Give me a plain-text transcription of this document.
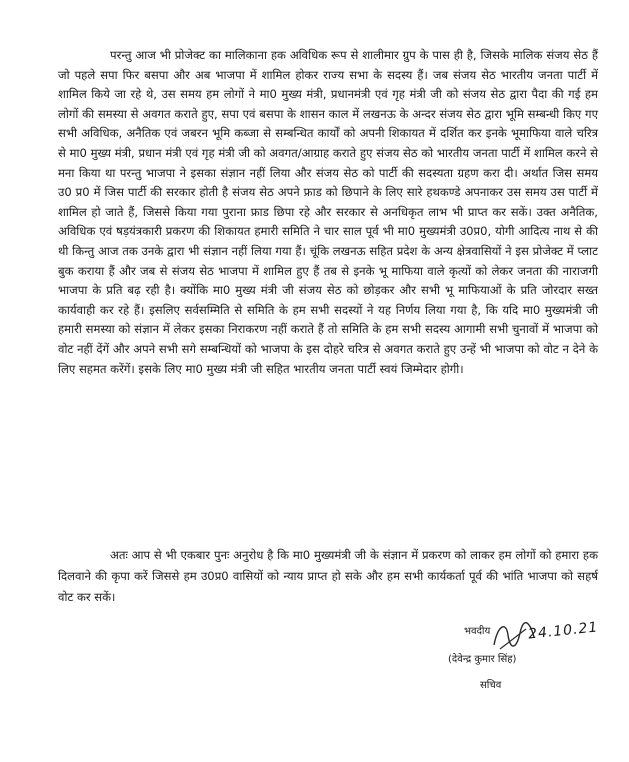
परन्तु आज भी प्रोजेक्ट का मालिकाना हक अविधिक रूप से शालीमार ग्रुप के पास ही है, जिसके मालिक संजय सेठ हैं जो पहले सपा फिर बसपा और अब भाजपा में शामिल होकर राज्य सभा के सदस्य हैं। जब संजय सेठ भारतीय जनता पार्टी में शामिल किये जा रहे थे, उस समय हम लोगों ने मा0 मुख्य मंत्री, प्रधानमंत्री एवं गृह मंत्री जी को संजय सेठ द्वारा पैदा की गई हम लोगों की समस्या से अवगत कराते हुए, सपा एवं बसपा के शासन काल में लखनऊ के अन्दर संजय सेठ द्वारा भूमि सम्बन्धी किए गए सभी अविधिक, अनैतिक एवं जबरन भूमि कब्जा से सम्बन्धित कार्यों को अपनी शिकायत में दर्शित कर इनके भूमाफिया वाले चरित्र से मा0 मुख्य मंत्री, प्रधान मंत्री एवं गृह मंत्री जी को अवगत/आग्राह कराते हुए संजय सेठ को भारतीय जनता पार्टी में शामिल करने से मना किया था परन्तु भाजपा ने इसका संज्ञान नहीं लिया और संजय सेठ को पार्टी की सदस्यता ग्रहण करा दी। अर्थात जिस समय उ0 प्र0 में जिस पार्टी की सरकार होती है संजय सेठ अपने फ्राड को छिपाने के लिए सारे हथकण्डे अपनाकर उस समय उस पार्टी में शामिल हो जाते हैं, जिससे किया गया पुराना फ्राड छिपा रहे और सरकार से अनधिकृत लाभ भी प्राप्त कर सकें। उक्त अनैतिक, अविधिक एवं षड़यंत्रकारी प्रकरण की शिकायत हमारी समिति ने चार साल पूर्व भी मा0 मुख्यमंत्री उ0प्र0, योगी आदित्य नाथ से की थी किन्तु आज तक उनके द्वारा भी संज्ञान नहीं लिया गया हैं। चूंकि लखनऊ सहित प्रदेश के अन्य क्षेत्रवासियों ने इस प्रोजेक्ट में प्लाट बुक कराया हैं और जब से संजय सेठ भाजपा में शामिल हुए हैं तब से इनके भू माफिया वाले कृत्यों को लेकर जनता की नाराजगी भाजपा के प्रति बढ़ रही है। क्योंकि मा0 मुख्य मंत्री जी संजय सेठ को छोड़कर और सभी भू माफियाओं के प्रति जोरदार सख्त कार्यवाही कर रहे हैं। इसलिए सर्वसम्मिति से समिति के हम सभी सदस्यों ने यह निर्णय लिया गया है, कि यदि मा0 मुख्यमंत्री जी हमारी समस्या को संज्ञान में लेकर इसका निराकरण नहीं कराते हैं तो समिति के हम सभी सदस्य आगामी सभी चुनावों में भाजपा को वोट नहीं देंगें और अपने सभी सगे सम्बन्धियों को भाजपा के इस दोहरे चरित्र से अवगत कराते हुए उन्हें भी भाजपा को वोट न देने के लिए सहमत करेंगें। इसके लिए मा0 मुख्य मंत्री जी सहित भारतीय जनता पार्टी स्वयं जिम्मेदार होगी।

अतः आप से भी एकबार पुनः अनुरोध है कि मा0 मुख्यमंत्री जी के संज्ञान में प्रकरण को लाकर हम लोगों को हमारा हक दिलवाने की कृपा करें जिससे हम उ0प्र0 वासियों को न्याय प्राप्त हो सके और हम सभी कार्यकर्ता पूर्व की भांति भाजपा को सहर्ष वोट कर सकें।

भवदीय	24.10.21
(देवेन्द्र कुमार सिंह)
सचिव
